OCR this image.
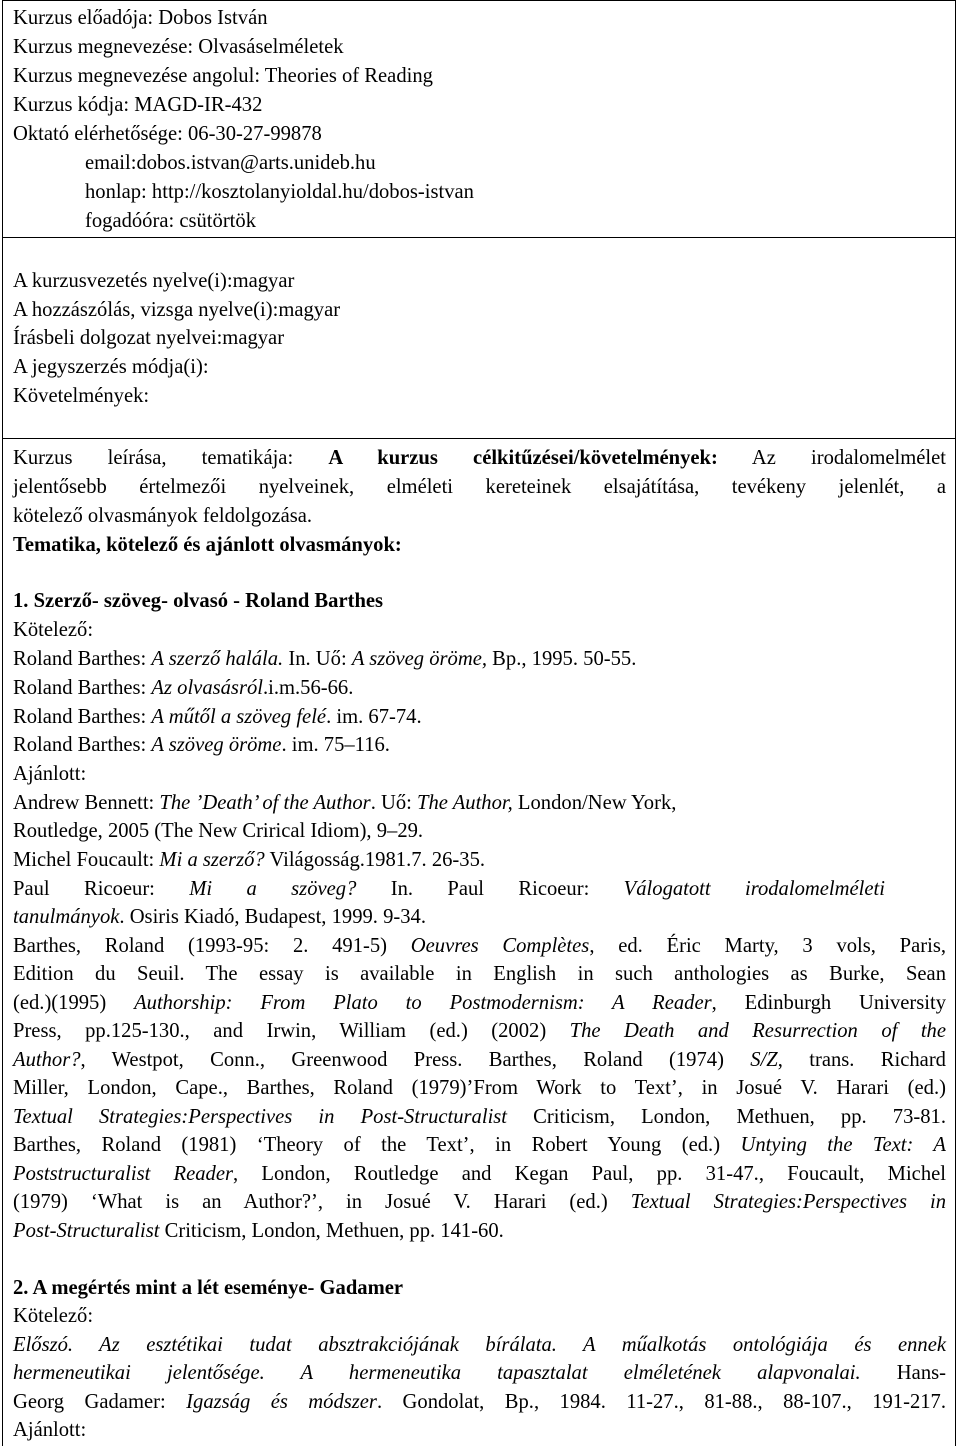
Kurzus előadója: Dobos István
Kurzus megnevezése: Olvasáselméletek
Kurzus megnevezése angolul: Theories of Reading
Kurzus kódja: MAGD-IR-432
Oktató elérhetősége: 06-30-27-99878
email:dobos.istvan@arts.unideb.hu
honlap: http://kosztolanyioldal.hu/dobos-istvan
fogadóóra: csütörtök
A kurzusvezetés nyelve(i):magyar
A hozzászólás, vizsga nyelve(i):magyar
Írásbeli dolgozat nyelvei:magyar
A jegyszerzés módja(i):
Követelmények:
Kurzus leírása, tematikája: A kurzus célkitűzései/követelmények: Az irodalomelmélet
jelentősebb értelmezői nyelveinek, elméleti kereteinek elsajátítása, tevékeny jelenlét, a
kötelező olvasmányok feldolgozása.
Tematika, kötelező és ajánlott olvasmányok:
1. Szerző- szöveg- olvasó - Roland Barthes
Kötelező:
Roland Barthes: A szerző halála. In. Uő: A szöveg öröme, Bp., 1995. 50-55.
Roland Barthes: Az olvasásról.i.m.56-66.
Roland Barthes: A műtől a szöveg felé. im. 67-74.
Roland Barthes: A szöveg öröme. im. 75–116.
Ajánlott:
Andrew Bennett: The ’Death’ of the Author. Uő: The Author, London/New York,
Routledge, 2005 (The New Crirical Idiom), 9–29.
Michel Foucault: Mi a szerző? Világosság.1981.7. 26-35.
Paul Ricoeur: Mi a szöveg? In. Paul Ricoeur: Válogatott irodalomelméleti
tanulmányok. Osiris Kiadó, Budapest, 1999. 9-34.
Barthes, Roland (1993-95: 2. 491-5) Oeuvres Complètes, ed. Éric Marty, 3 vols, Paris,
Edition du Seuil. The essay is available in English in such anthologies as Burke, Sean
(ed.)(1995) Authorship: From Plato to Postmodernism: A Reader, Edinburgh University
Press, pp.125-130., and Irwin, William (ed.) (2002) The Death and Resurrection of the
Author?, Westpot, Conn., Greenwood Press. Barthes, Roland (1974) S/Z, trans. Richard
Miller, London, Cape., Barthes, Roland (1979)’From Work to Text’, in Josué V. Harari (ed.)
Textual Strategies:Perspectives in Post-Structuralist Criticism, London, Methuen, pp. 73-81.
Barthes, Roland (1981) ‘Theory of the Text’, in Robert Young (ed.) Untying the Text: A
Poststructuralist Reader, London, Routledge and Kegan Paul, pp. 31-47., Foucault, Michel
(1979) ‘What is an Author?’, in Josué V. Harari (ed.) Textual Strategies:Perspectives in
Post-Structuralist Criticism, London, Methuen, pp. 141-60.
2. A megértés mint a lét eseménye- Gadamer
Kötelező:
Előszó. Az esztétikai tudat absztrakciójának bírálata. A műalkotás ontológiája és ennek
hermeneutikai jelentősége. A hermeneutika tapasztalat elméletének alapvonalai. Hans-
Georg Gadamer: Igazság és módszer. Gondolat, Bp., 1984. 11-27., 81-88., 88-107., 191-217.
Ajánlott:
